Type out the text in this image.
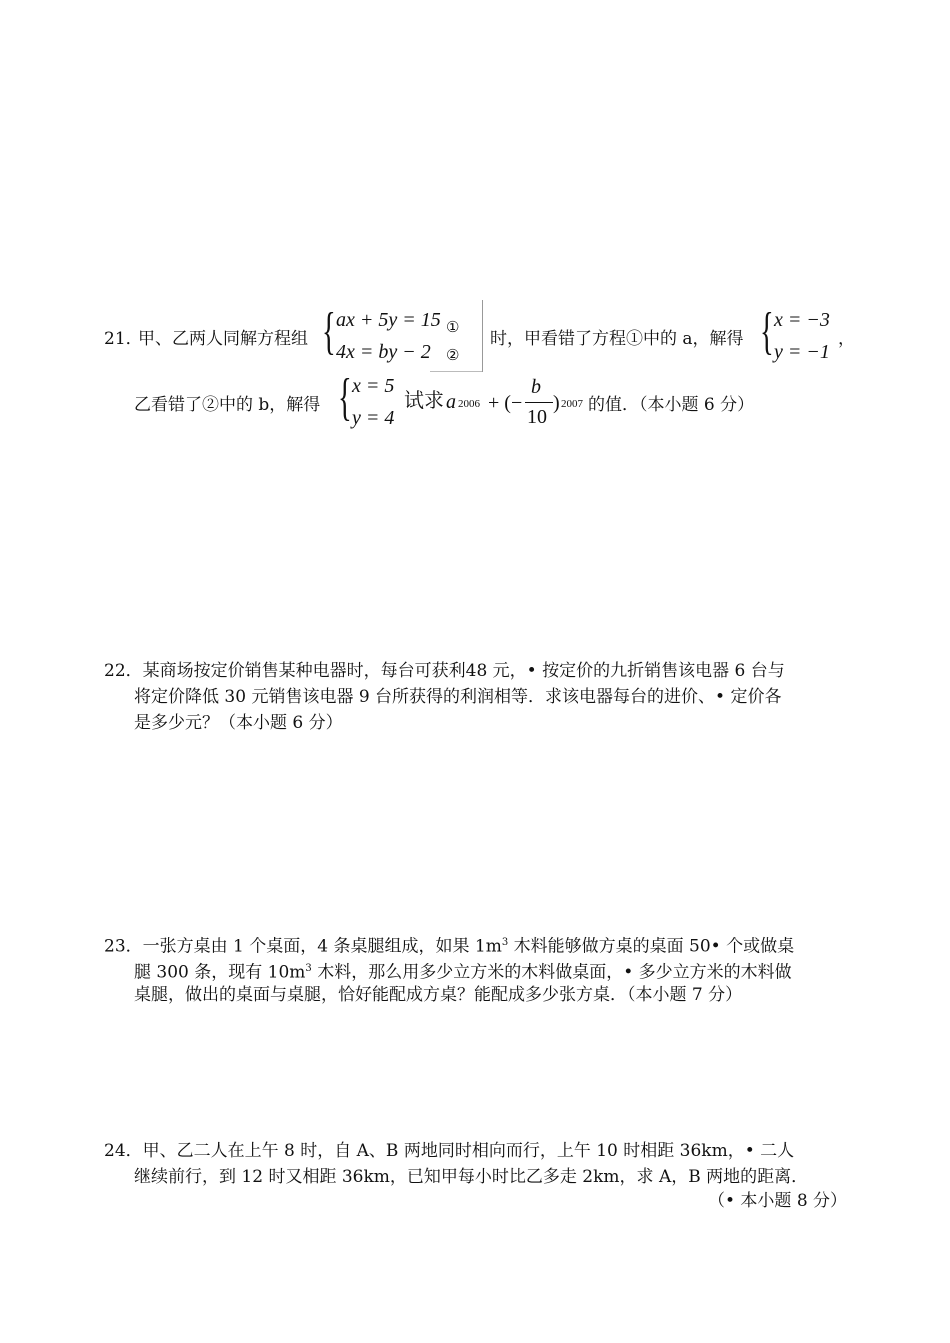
21．
甲、乙两人同解方程组 { ax + 5y = 15 ①
4x = by − 2 ②
时，甲看错了方程①中的 a，解得 { x = −3
y = −1
，
乙看错了②中的 b，解得 { x = 5
y = 4
试求 a 2006 + (−
b
10
) 2007 的值．（本小题 6 分）
22．某商场按定价销售某种电器时，每台可获利48 元，• 按定价的九折销售该电器 6 台与
将定价降低 30 元销售该电器 9 台所获得的利润相等．求该电器每台的进价、• 定价各
是多少元？（本小题 6 分）
23．一张方桌由 1 个桌面，4 条桌腿组成，如果 $1m^3$ 木料能够做方桌的桌面 50• 个或做桌
腿 300 条，现有 $10m^3$ 木料，那么用多少立方米的木料做桌面，• 多少立方米的木料做
桌腿，做出的桌面与桌腿，恰好能配成方桌？能配成多少张方桌．（本小题 7 分）
24．甲、乙二人在上午 8 时，自 A、B 两地同时相向而行，上午 10 时相距 36km，• 二人
继续前行，到 12 时又相距 36km，已知甲每小时比乙多走 2km，求 A，B 两地的距离．
（• 本小题 8 分）
